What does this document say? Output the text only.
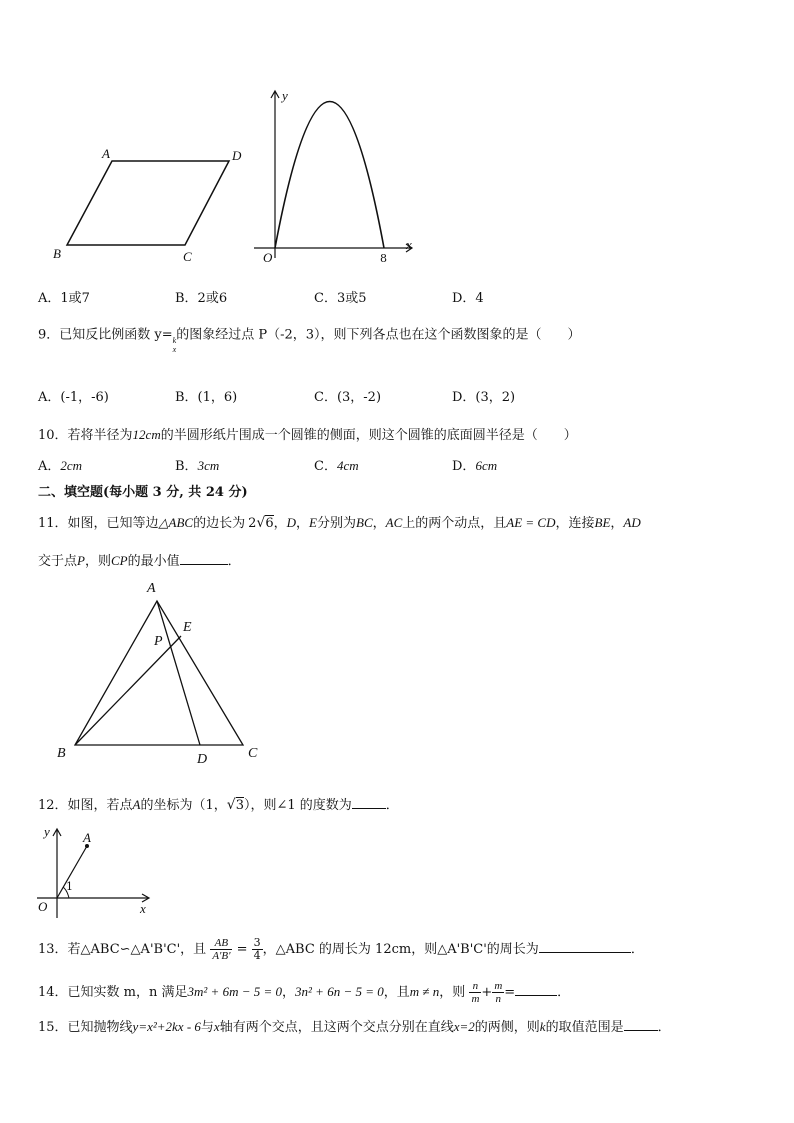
A	D
B	C
y
x
O	8
A．1或7	B．2或6	C．3或5	D．4
9．已知反比例函数 y= k
x
的图象经过点 P（-2，3），则下列各点也在这个函数图象的是（　　）
A．(-1，-6)	B．(1，6)	C．(3，-2)	D．(3，2)
10．若将半径为12cm的半圆形纸片围成一个圆锥的侧面，则这个圆锥的底面圆半径是（　　）
A．2cm	B．3cm	C．4cm	D．6cm
二、填空题(每小题 3 分, 共 24 分)
11．如图，已知等边△ABC的边长为 2√6，D，E分别为BC，AC上的两个动点，且AE = CD，连接BE，AD
交于点P，则CP的最小值	．
A
E
P
B	D	C
12．如图，若点A的坐标为（1，√3），则∠1 的度数为	．
y	A
1
O	x
13．若△ABC∽△A'B'C'，且 $\frac{AB}{A'B'} = \frac{3}{4}$ ，△ABC 的周长为 12cm，则△A'B'C'的周长为	．
14．已知实数 m，n 满足3m² + 6m − 5 = 0，3n² + 6n − 5 = 0，且m ≠ n，则 $\frac{n}{m} + \frac{m}{n}$ =	．
15．已知抛物线y=x²+2kx - 6与x轴有两个交点，且这两个交点分别在直线x=2的两侧，则k的取值范围是	．
